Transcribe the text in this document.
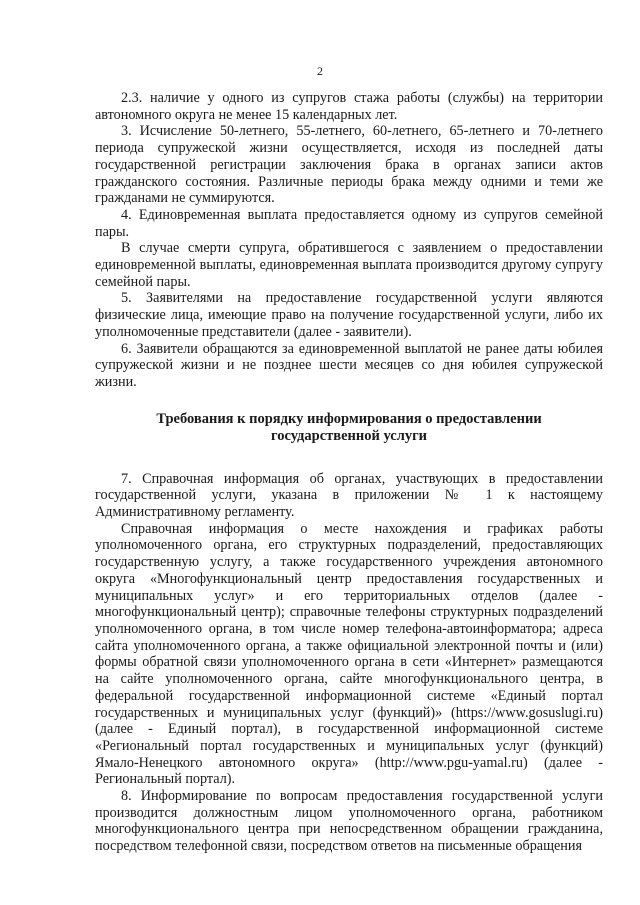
2

2.3. наличие у одного из супругов стажа работы (службы) на территории автономного округа не менее 15 календарных лет.

3. Исчисление 50-летнего, 55-летнего, 60-летнего, 65-летнего и 70-летнего периода супружеской жизни осуществляется, исходя из последней даты государственной регистрации заключения брака в органах записи актов гражданского состояния. Различные периоды брака между одними и теми же гражданами не суммируются.

4. Единовременная выплата предоставляется одному из супругов семейной пары.

В случае смерти супруга, обратившегося с заявлением о предоставлении единовременной выплаты, единовременная выплата производится другому супругу семейной пары.

5. Заявителями на предоставление государственной услуги являются физические лица, имеющие право на получение государственной услуги, либо их уполномоченные представители (далее - заявители).

6. Заявители обращаются за единовременной выплатой не ранее даты юбилея супружеской жизни и не позднее шести месяцев со дня юбилея супружеской жизни.

Требования к порядку информирования о предоставлении
государственной услуги

7. Справочная информация об органах, участвующих в предоставлении государственной услуги, указана в приложении № 1 к настоящему Административному регламенту.

Справочная информация о месте нахождения и графиках работы уполномоченного органа, его структурных подразделений, предоставляющих государственную услугу, а также государственного учреждения автономного округа «Многофункциональный центр предоставления государственных и муниципальных услуг» и его территориальных отделов (далее - многофункциональный центр); справочные телефоны структурных подразделений уполномоченного органа, в том числе номер телефона-автоинформатора; адреса сайта уполномоченного органа, а также официальной электронной почты и (или) формы обратной связи уполномоченного органа в сети «Интернет» размещаются на сайте уполномоченного органа, сайте многофункционального центра, в федеральной государственной информационной системе «Единый портал государственных и муниципальных услуг (функций)» (https://www.gosuslugi.ru) (далее - Единый портал), в государственной информационной системе «Региональный портал государственных и муниципальных услуг (функций) Ямало-Ненецкого автономного округа» (http://www.pgu-yamal.ru) (далее - Региональный портал).

8. Информирование по вопросам предоставления государственной услуги производится должностным лицом уполномоченного органа, работником многофункционального центра при непосредственном обращении гражданина, посредством телефонной связи, посредством ответов на письменные обращения
